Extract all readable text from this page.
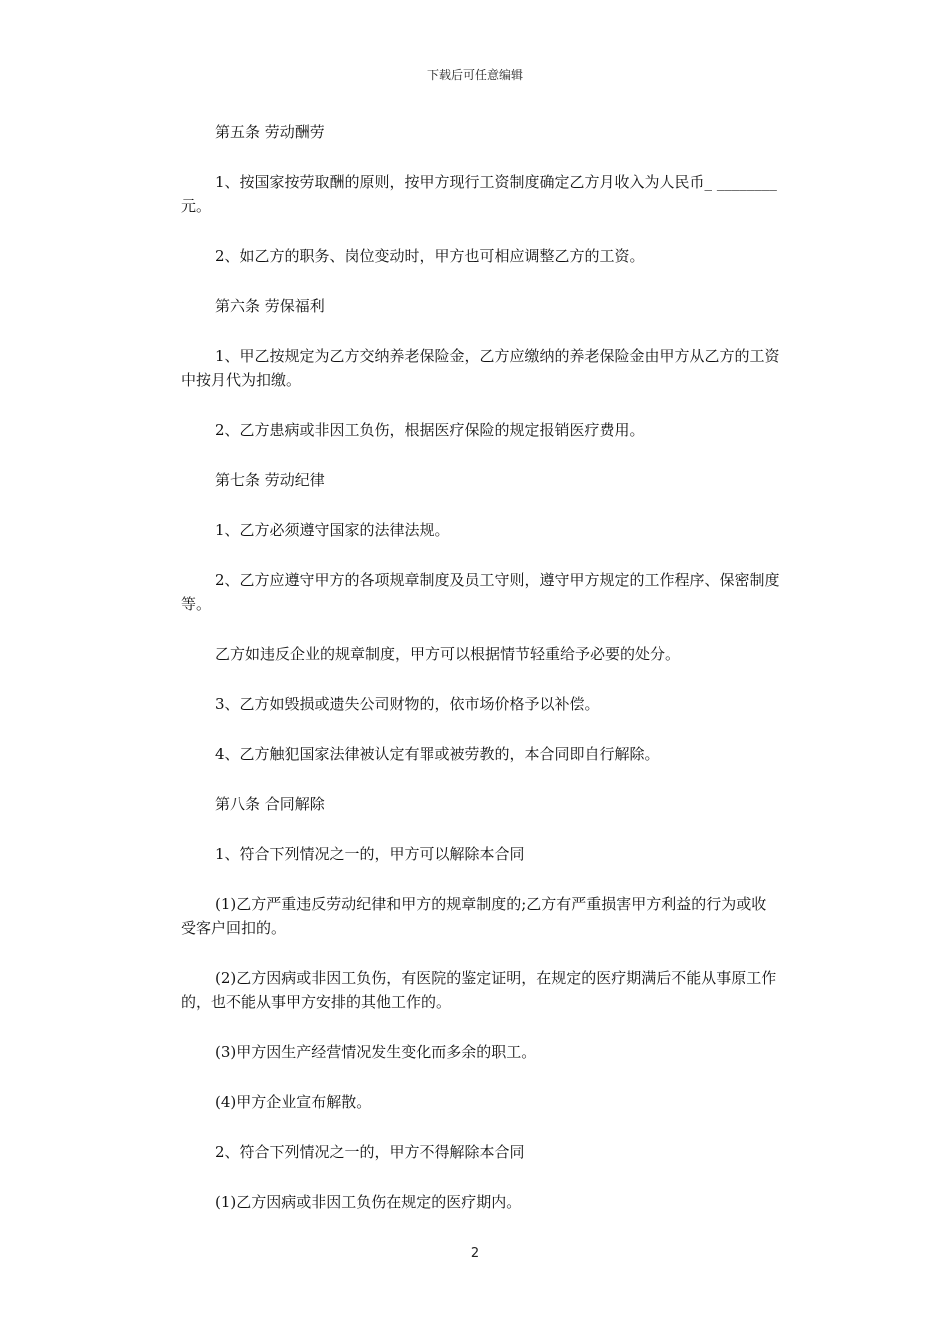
下载后可任意编辑

第五条 劳动酬劳

1、按国家按劳取酬的原则，按甲方现行工资制度确定乙方月收入为人民币_ ________元。

2、如乙方的职务、岗位变动时，甲方也可相应调整乙方的工资。

第六条 劳保福利

1、甲乙按规定为乙方交纳养老保险金，乙方应缴纳的养老保险金由甲方从乙方的工资中按月代为扣缴。

2、乙方患病或非因工负伤，根据医疗保险的规定报销医疗费用。

第七条 劳动纪律

1、乙方必须遵守国家的法律法规。

2、乙方应遵守甲方的各项规章制度及员工守则，遵守甲方规定的工作程序、保密制度等。

乙方如违反企业的规章制度，甲方可以根据情节轻重给予必要的处分。

3、乙方如毁损或遗失公司财物的，依市场价格予以补偿。

4、乙方触犯国家法律被认定有罪或被劳教的，本合同即自行解除。

第八条 合同解除

1、符合下列情况之一的，甲方可以解除本合同

(1)乙方严重违反劳动纪律和甲方的规章制度的;乙方有严重损害甲方利益的行为或收受客户回扣的。

(2)乙方因病或非因工负伤，有医院的鉴定证明，在规定的医疗期满后不能从事原工作的，也不能从事甲方安排的其他工作的。

(3)甲方因生产经营情况发生变化而多余的职工。

(4)甲方企业宣布解散。

2、符合下列情况之一的，甲方不得解除本合同

(1)乙方因病或非因工负伤在规定的医疗期内。

2
